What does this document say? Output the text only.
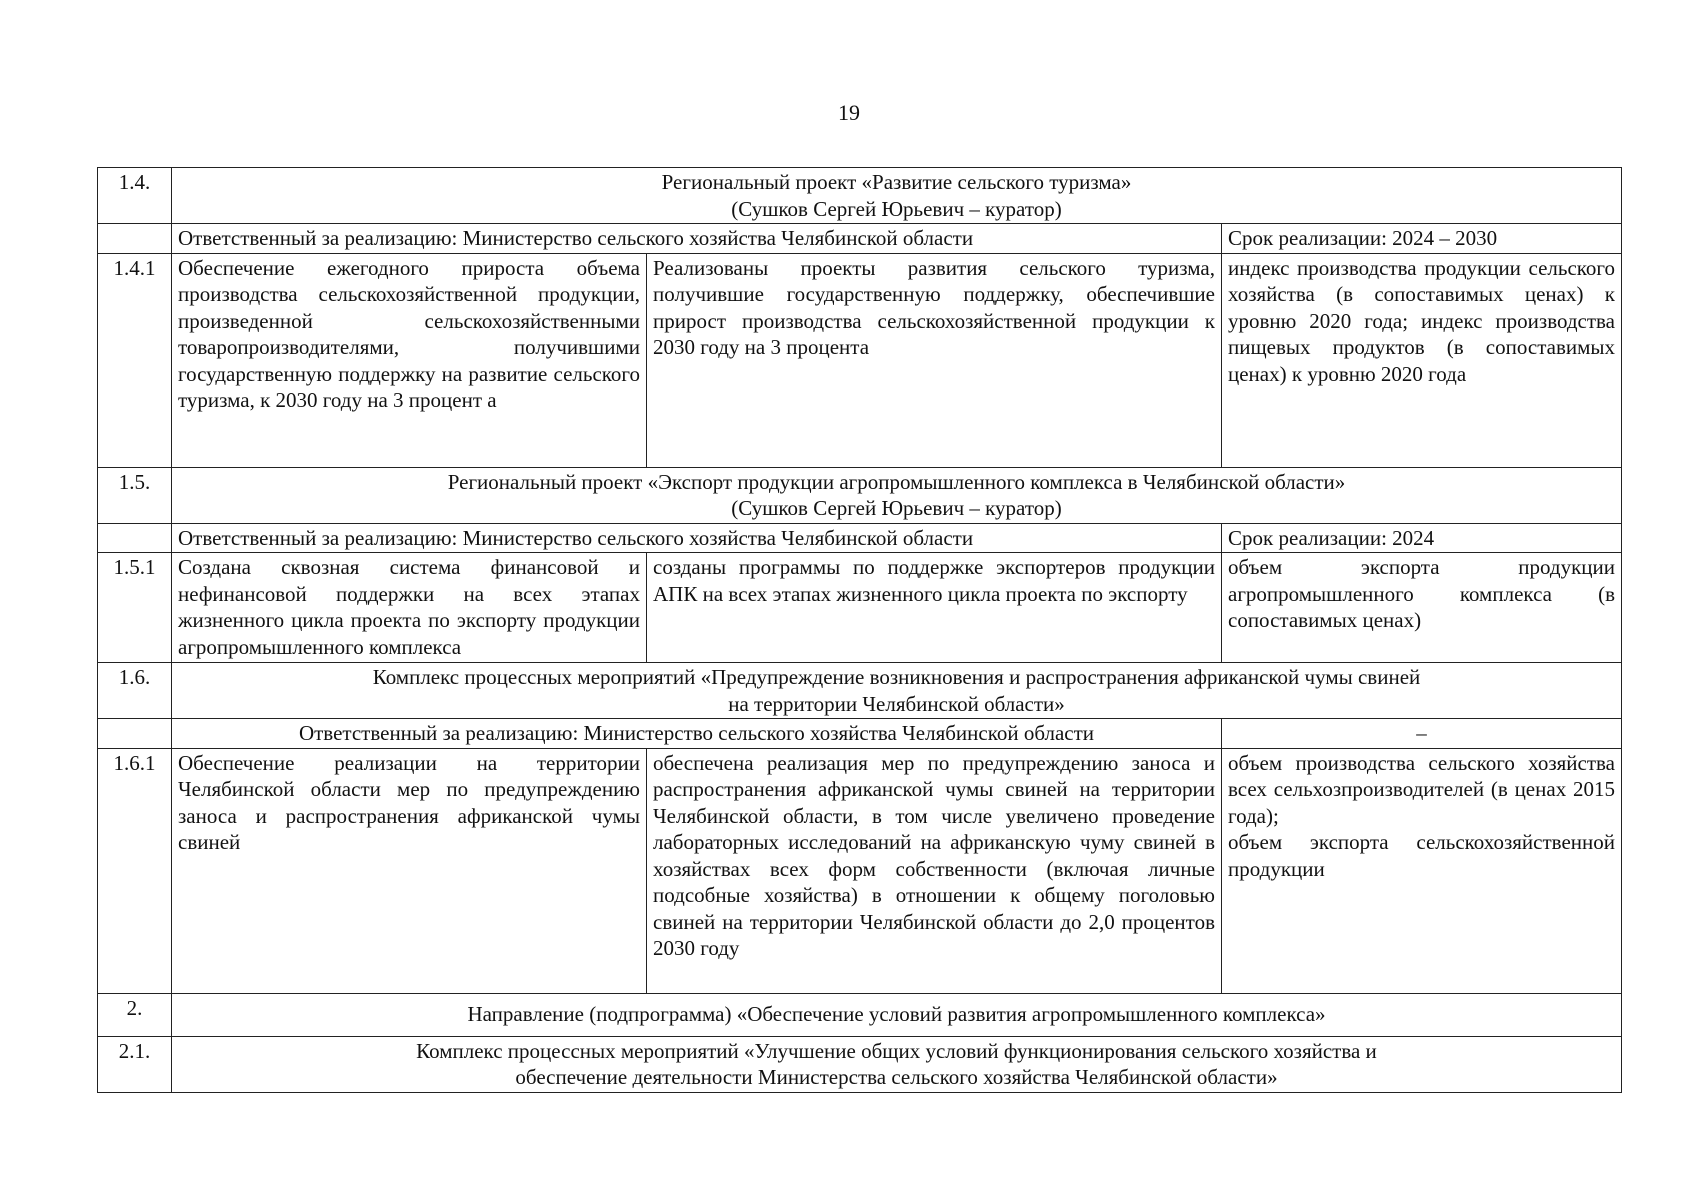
19
1.4.	Региональный проект «Развитие сельского туризма»
(Сушков Сергей Юрьевич – куратор)		

	Ответственный за реализацию: Министерство сельского хозяйства Челябинской области		Срок реализации: 2024 – 2030
1.4.1	Обеспечение ежегодного прироста объема производства сельскохозяйственной продукции, произведенной сельскохозяйственными товаропроизводителями, получившими государственную поддержку на развитие сельского туризма, к 2030 году на 3 процент а	Реализованы проекты развития сельского туризма, получившие государственную поддержку, обеспечившие прирост производства сельскохозяйственной продукции к 2030 году на 3 процента	индекс производства продукции сельского хозяйства (в сопоставимых ценах) к уровню 2020 года; индекс производства пищевых продуктов (в сопоставимых ценах) к уровню 2020 года
1.5.	Региональный проект «Экспорт продукции агропромышленного комплекса в Челябинской области»
(Сушков Сергей Юрьевич – куратор)		

	Ответственный за реализацию: Министерство сельского хозяйства Челябинской области		Срок реализации: 2024
1.5.1	Создана сквозная система финансовой и нефинансовой поддержки на всех этапах жизненного цикла проекта по экспорту продукции агропромышленного комплекса	созданы программы по поддержке экспортеров продукции АПК на всех этапах жизненного цикла проекта по экспорту	объем экспорта продукции агропромышленного комплекса (в сопоставимых ценах)
1.6.	Комплекс процессных мероприятий «Предупреждение возникновения и распространения африканской чумы свиней
на территории Челябинской области»		

	Ответственный за реализацию: Министерство сельского хозяйства Челябинской области		–
1.6.1	Обеспечение реализации на территории Челябинской области мер по предупреждению заноса и распространения африканской чумы свиней	обеспечена реализация мер по предупреждению заноса и распространения африканской чумы свиней на территории Челябинской области, в том числе увеличено проведение лабораторных исследований на африканскую чуму свиней в хозяйствах всех форм собственности (включая личные подсобные хозяйства) в отношении к общему поголовью свиней на территории Челябинской области до 2,0 процентов 2030 году	объем производства сельского хозяйства всех сельхозпроизводителей (в ценах 2015 года);
объем экспорта сельскохозяйственной продукции

2.	Направление (подпрограмма) «Обеспечение условий развития агропромышленного комплекса»		
2.1.	Комплекс процессных мероприятий «Улучшение общих условий функционирования сельского хозяйства и
обеспечение деятельности Министерства сельского хозяйства Челябинской области»		
